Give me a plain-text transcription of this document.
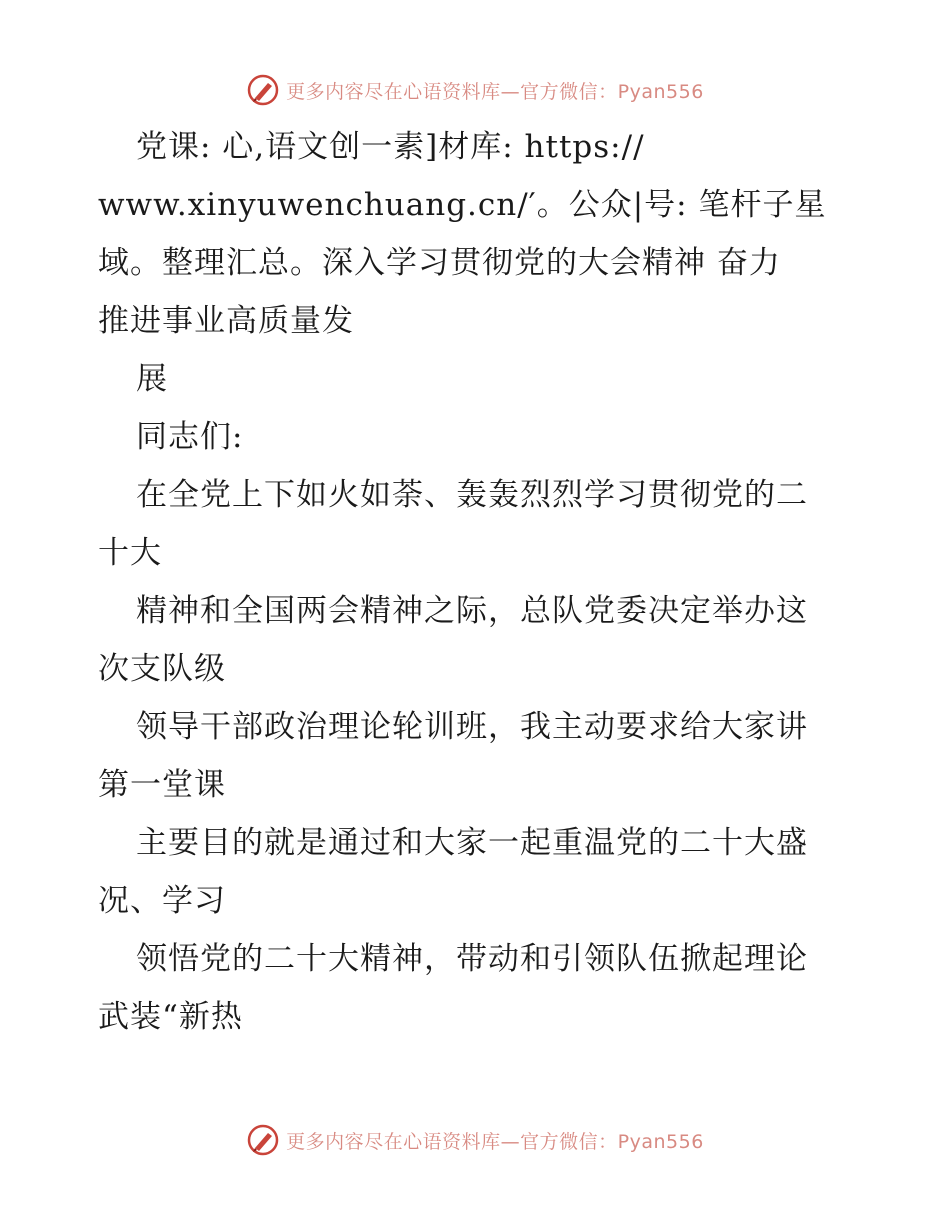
更多内容尽在心语资料库—官方微信：Pyan556
党课: 心,语文创一素]材库: https://
www.xinyuwenchuang.cn/′。公众|号: 笔杆子星
域。整理汇总。深入学习贯彻党的大会精神 奋力
推进事业高质量发
展
同志们:
在全党上下如火如荼、轰轰烈烈学习贯彻党的二
十大
精神和全国两会精神之际，总队党委决定举办这
次支队级
领导干部政治理论轮训班，我主动要求给大家讲
第一堂课
主要目的就是通过和大家一起重温党的二十大盛
况、学习
领悟党的二十大精神，带动和引领队伍掀起理论
武装“新热
更多内容尽在心语资料库—官方微信：Pyan556
